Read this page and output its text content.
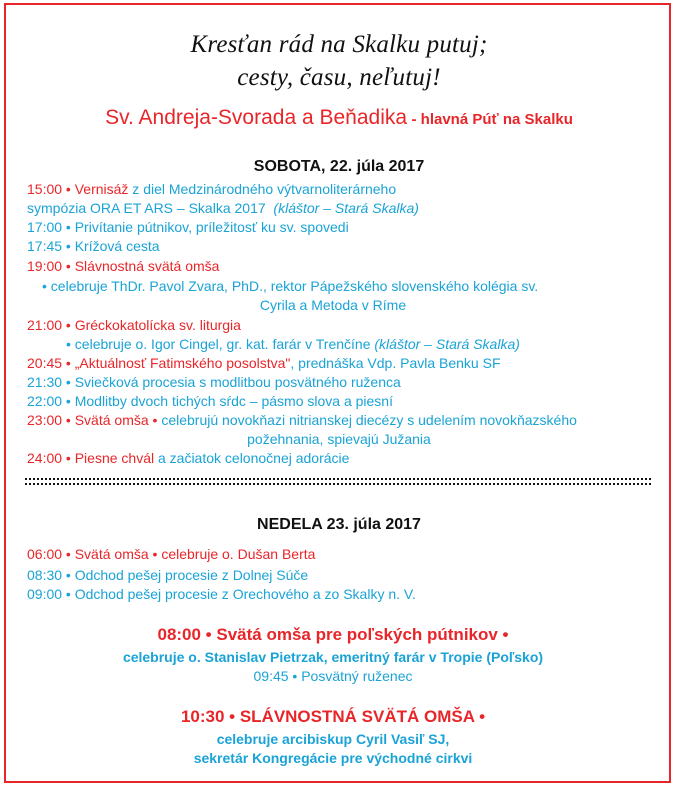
Kresťan rád na Skalku putuj;
cesty, času, neľutuj!
Sv. Andreja-Svorada a Beňadika - hlavná Púť na Skalku
SOBOTA, 22. júla 2017
15:00 • Vernisáž z diel Medzinárodného výtvarnoliterárneho
sympózia ORA ET ARS – Skalka 2017 (kláštor – Stará Skalka)
17:00 • Privítanie pútnikov, príležitosť ku sv. spovedi
17:45 • Krížová cesta
19:00 • Slávnostná svätá omša
• celebruje ThDr. Pavol Zvara, PhD., rektor Pápežského slovenského kolégia sv.
Cyrila a Metoda v Ríme
21:00 • Gréckokatolícka sv. liturgia
• celebruje o. Igor Cingel, gr. kat. farár v Trenčíne (kláštor – Stará Skalka)
20:45 • „Aktuálnosť Fatimského posolstva", prednáška Vdp. Pavla Benku SF
21:30 • Sviečková procesia s modlitbou posvätného ruženca
22:00 • Modlitby dvoch tichých sŕdc – pásmo slova a piesní
23:00 • Svätá omša • celebrujú novokňazi nitrianskej diecézy s udelením novokňazského
požehnania, spievajú Južania
24:00 • Piesne chvál a začiatok celonočnej adorácie
NEDELA 23. júla 2017
06:00 • Svätá omša • celebruje o. Dušan Berta
08:30 • Odchod pešej procesie z Dolnej Súče
09:00 • Odchod pešej procesie z Orechového a zo Skalky n. V.
08:00 • Svätá omša pre poľských pútnikov •
celebruje o. Stanislav Pietrzak, emeritný farár v Tropie (Poľsko)
09:45 • Posvätný ruženec
10:30 • SLÁVNOSTNÁ SVÄTÁ OMŠA •
celebruje arcibiskup Cyril Vasiľ SJ,
sekretár Kongregácie pre východné cirkvi
